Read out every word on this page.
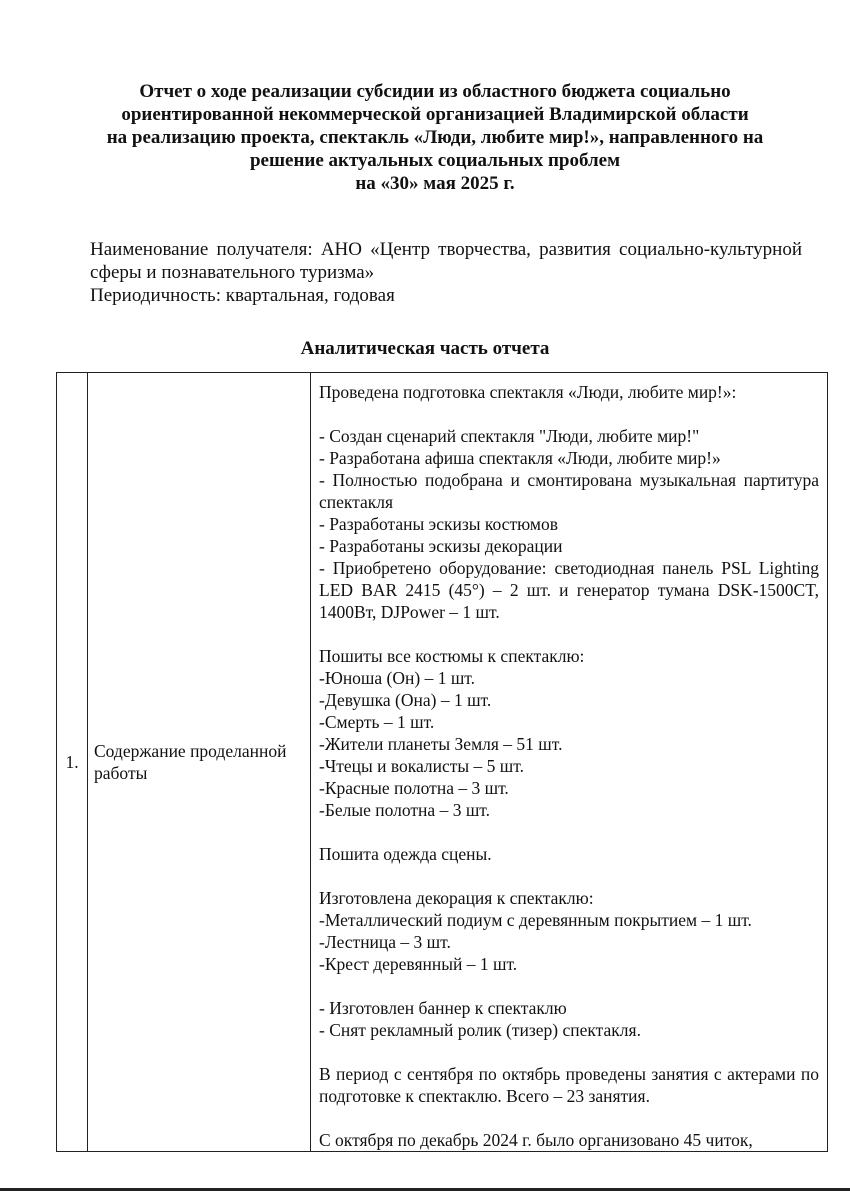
Отчет о ходе реализации субсидии из областного бюджета социально
ориентированной некоммерческой организацией Владимирской области
на реализацию проекта, спектакль «Люди, любите мир!», направленного на
решение актуальных социальных проблем
на «30» мая 2025 г.
Наименование получателя: АНО «Центр творчества, развития социально-культурной сферы и познавательного туризма»
Периодичность: квартальная, годовая
Аналитическая часть отчета
1.	Содержание проделанной работы	
Проведена подготовка спектакля «Люди, любите мир!»:
- Создан сценарий спектакля "Люди, любите мир!"
- Разработана афиша спектакля «Люди, любите мир!»
- Полностью подобрана и смонтирована музыкальная партитура спектакля
- Разработаны эскизы костюмов
- Разработаны эскизы декорации
- Приобретено оборудование: светодиодная панель PSL Lighting LED BAR 2415 (45°) – 2 шт. и генератор тумана DSK-1500CT, 1400Вт, DJPower – 1 шт.
Пошиты все костюмы к спектаклю:
-Юноша (Он) – 1 шт.
-Девушка (Она) – 1 шт.
-Смерть – 1 шт.
-Жители планеты Земля – 51 шт.
-Чтецы и вокалисты – 5 шт.
-Красные полотна – 3 шт.
-Белые полотна – 3 шт.
Пошита одежда сцены.
Изготовлена декорация к спектаклю:
-Металлический подиум с деревянным покрытием – 1 шт.
-Лестница – 3 шт.
-Крест деревянный – 1 шт.
- Изготовлен баннер к спектаклю
- Снят рекламный ролик (тизер) спектакля.
В период с сентября по октябрь проведены занятия с актерами по подготовке к спектаклю. Всего – 23 занятия.
С октября по декабрь 2024 г. было организовано 45 читок,
